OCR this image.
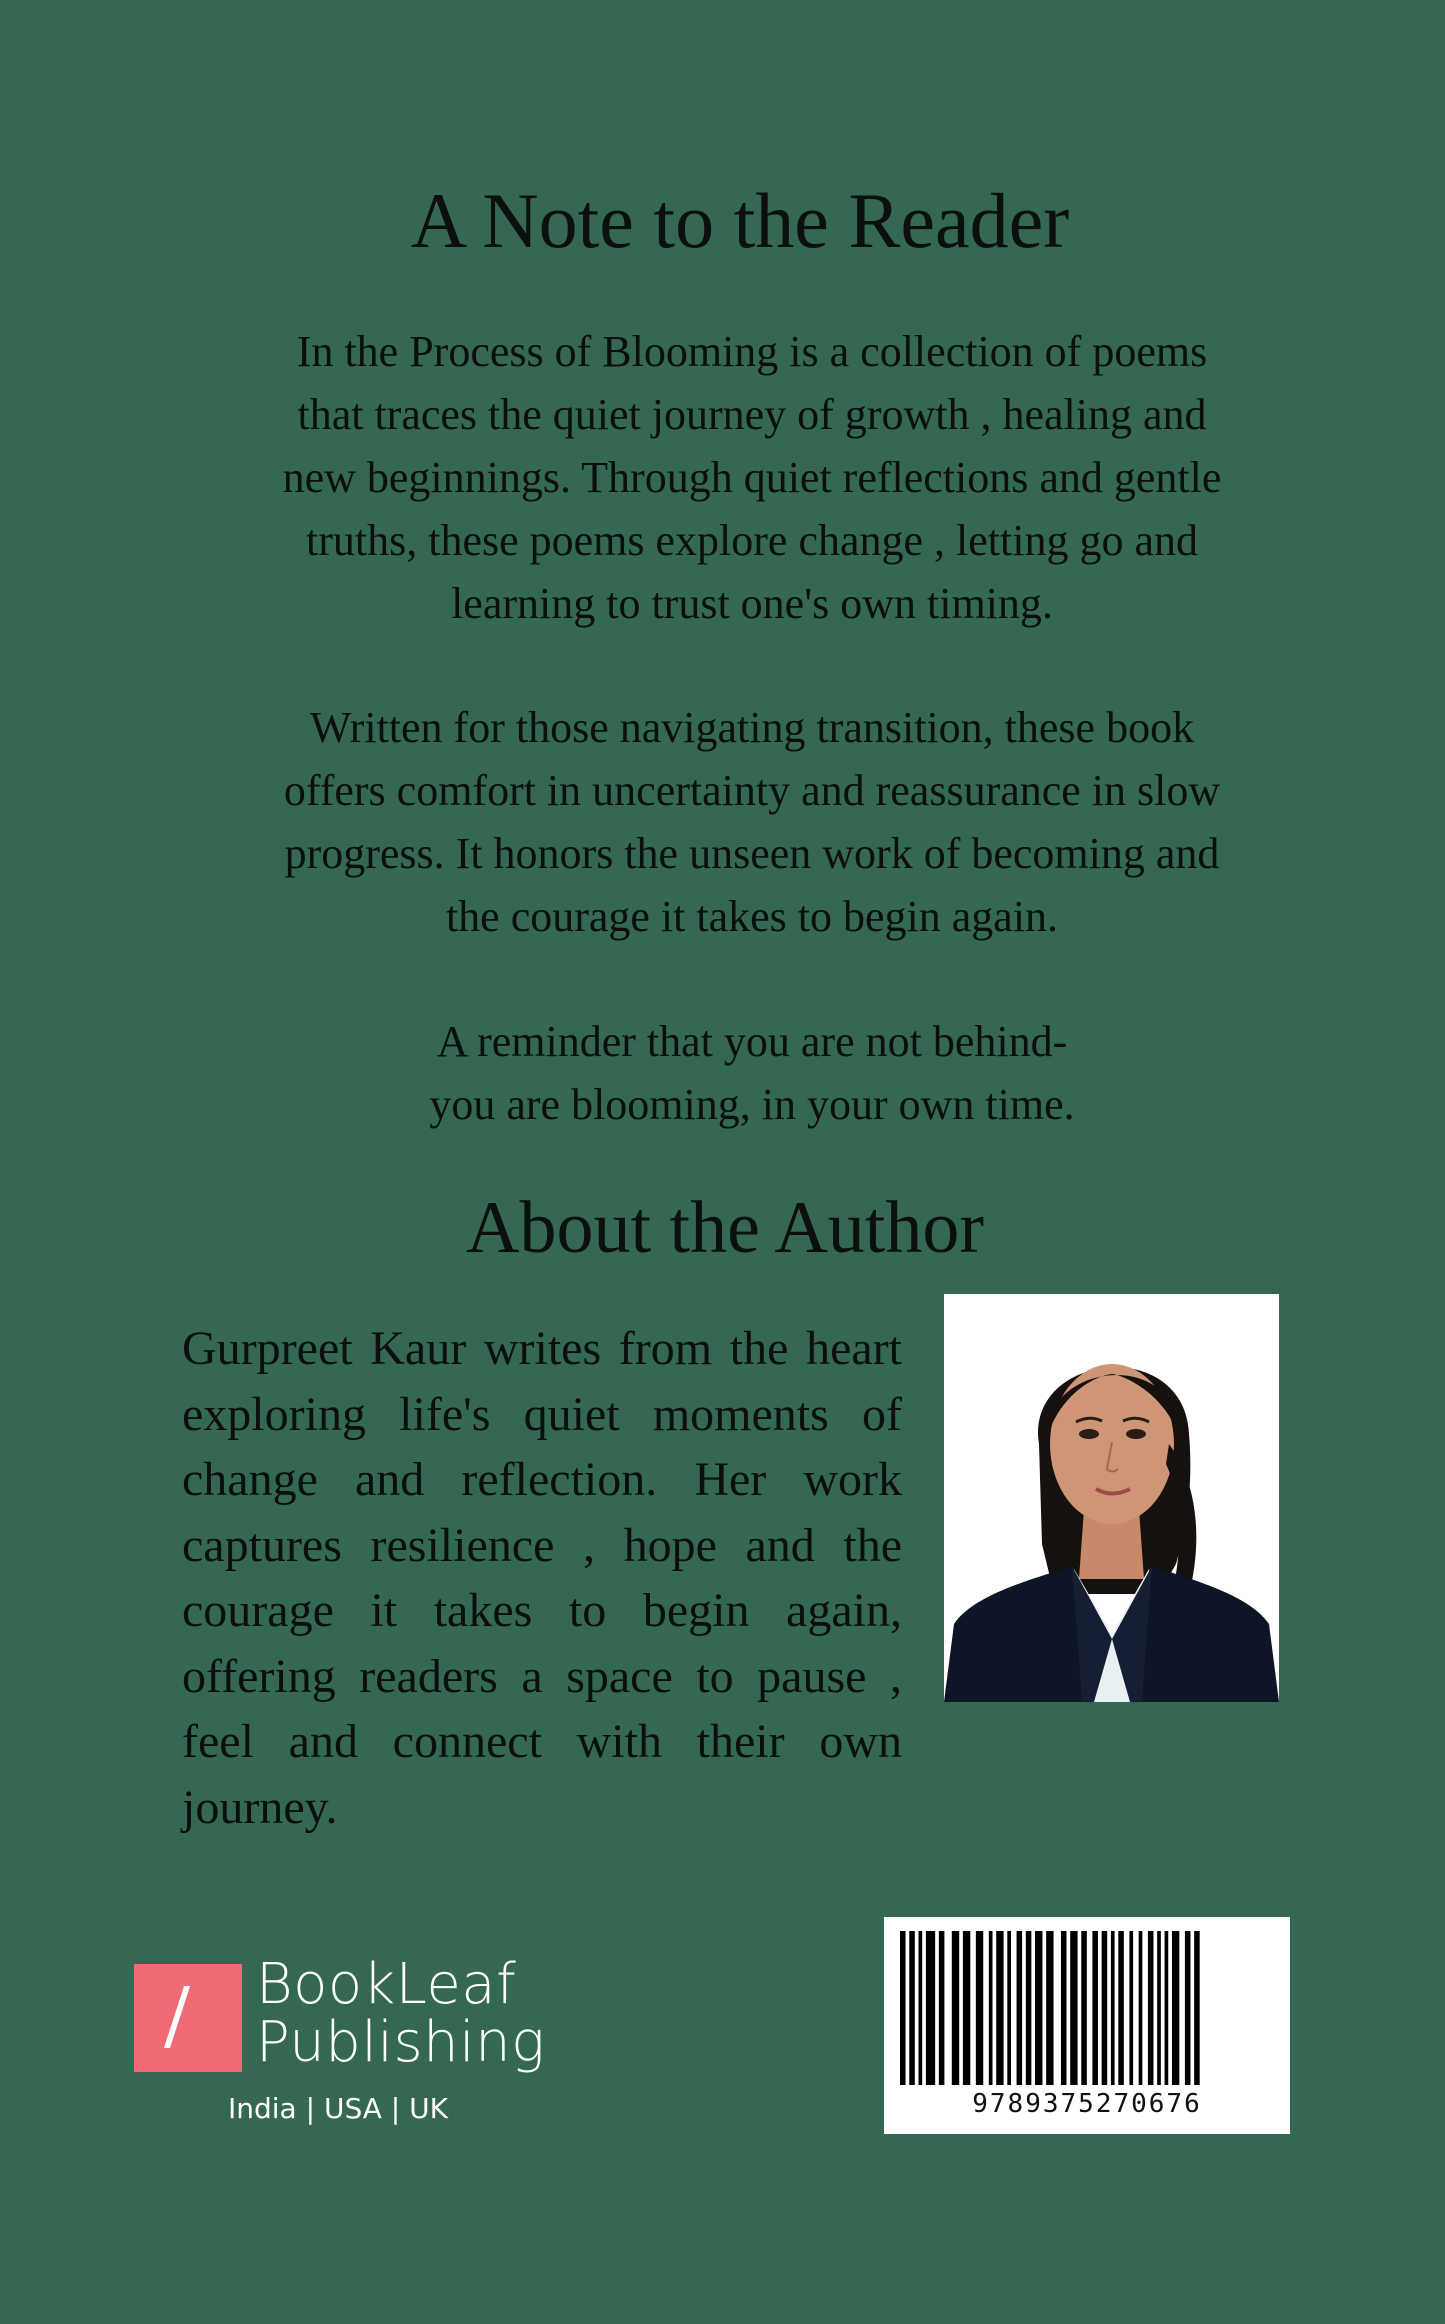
A Note to the Reader
In the Process of Blooming is a collection of poems
that traces the quiet journey of growth , healing and
new beginnings. Through quiet reflections and gentle
truths, these poems explore change , letting go and
learning to trust one's own timing.
Written for those navigating transition, these book
offers comfort in uncertainty and reassurance in slow
progress. It honors the unseen work of becoming and
the courage it takes to begin again.
A reminder that you are not behind-
you are blooming, in your own time.
About the Author

Gurpreet Kaur writes from the heart exploring life's quiet moments of change and reflection. Her work captures resilience , hope and the courage it takes to begin again, offering readers a space to pause , feel and connect with their own journey.

BookLeaf
Publishing
India | USA | UK	9789375270676
